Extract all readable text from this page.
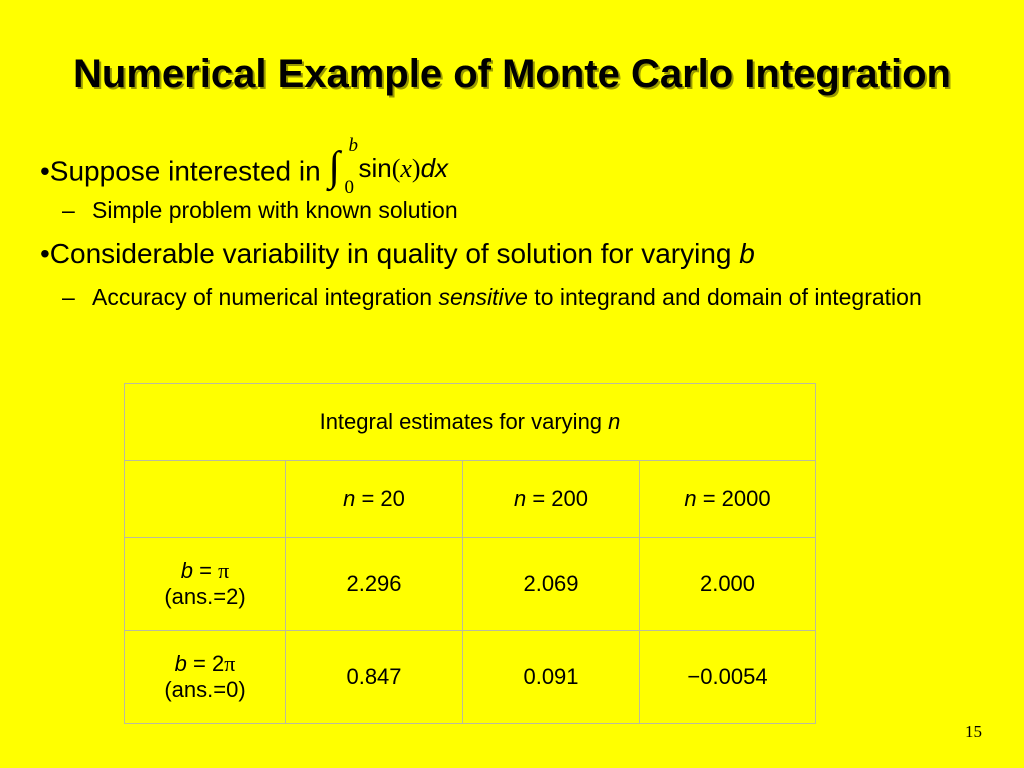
Numerical Example of Monte Carlo Integration
•Suppose interested in ∫ b
0
sin(x)dx
– Simple problem with known solution
•Considerable variability in quality of solution for varying b
– Accuracy of numerical integration sensitive to integrand and domain of integration
Integral estimates for varying n			
	n = 20	n = 200	n = 2000
b = π
(ans.=2)	2.296	2.069	2.000
b = 2π
(ans.=0)	0.847	0.091	−0.0054
15
